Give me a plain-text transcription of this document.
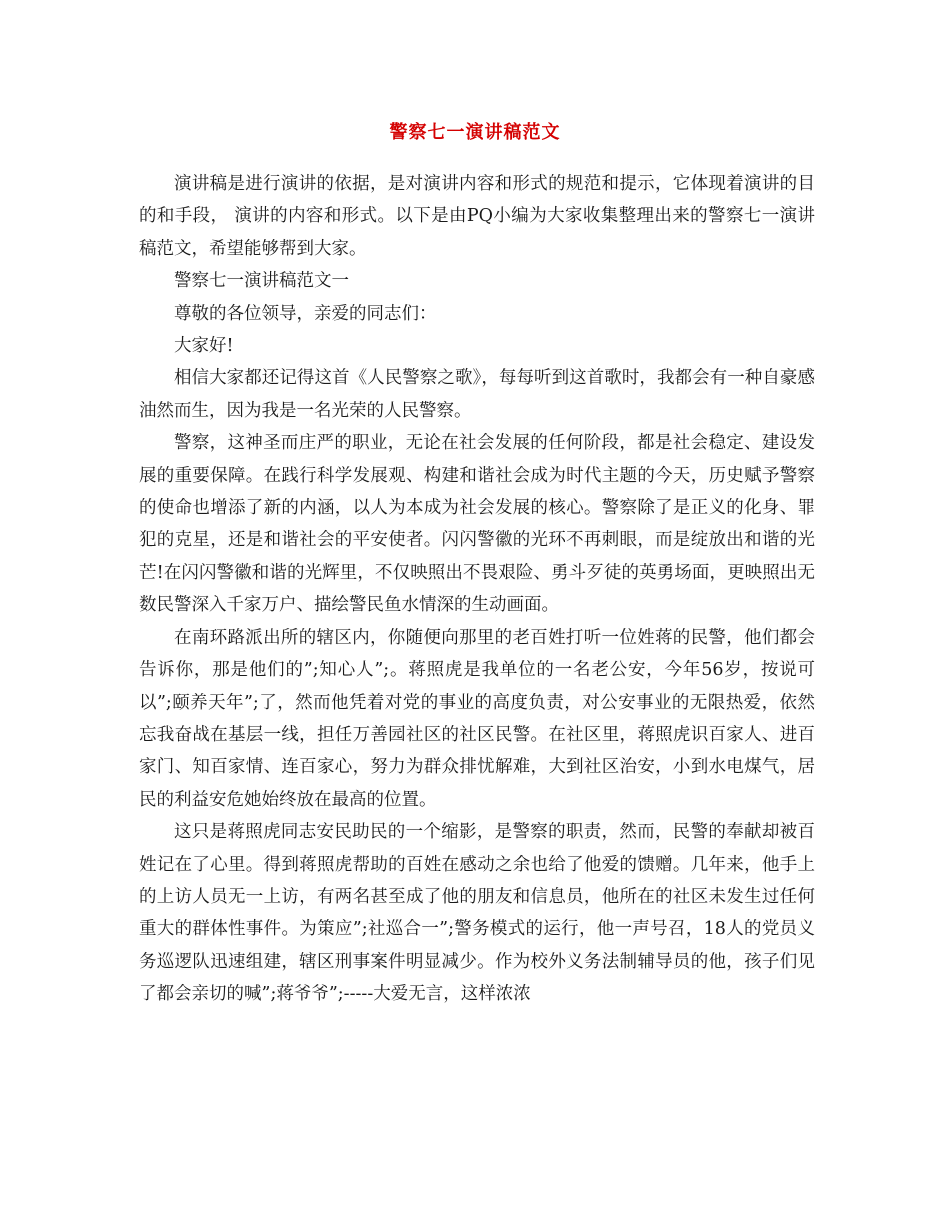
警察七一演讲稿范文

演讲稿是进行演讲的依据，是对演讲内容和形式的规范和提示，它体现着演讲的目的和手段， 演讲的内容和形式。以下是由PQ小编为大家收集整理出来的警察七一演讲稿范文，希望能够帮到大家。

警察七一演讲稿范文一

尊敬的各位领导，亲爱的同志们：

大家好!

相信大家都还记得这首《人民警察之歌》，每每听到这首歌时，我都会有一种自豪感油然而生，因为我是一名光荣的人民警察。

警察，这神圣而庄严的职业，无论在社会发展的任何阶段，都是社会稳定、建设发展的重要保障。在践行科学发展观、构建和谐社会成为时代主题的今天，历史赋予警察的使命也增添了新的内涵，以人为本成为社会发展的核心。警察除了是正义的化身、罪犯的克星，还是和谐社会的平安使者。闪闪警徽的光环不再刺眼，而是绽放出和谐的光芒!在闪闪警徽和谐的光辉里，不仅映照出不畏艰险、勇斗歹徒的英勇场面，更映照出无数民警深入千家万户、描绘警民鱼水情深的生动画面。

在南环路派出所的辖区内，你随便向那里的老百姓打听一位姓蒋的民警，他们都会告诉你，那是他们的”;知心人”;。蒋照虎是我单位的一名老公安，今年56岁，按说可以”;颐养天年”;了，然而他凭着对党的事业的高度负责，对公安事业的无限热爱，依然忘我奋战在基层一线，担任万善园社区的社区民警。在社区里，蒋照虎识百家人、进百家门、知百家情、连百家心，努力为群众排忧解难，大到社区治安，小到水电煤气，居民的利益安危她始终放在最高的位置。

这只是蒋照虎同志安民助民的一个缩影，是警察的职责，然而，民警的奉献却被百姓记在了心里。得到蒋照虎帮助的百姓在感动之余也给了他爱的馈赠。几年来，他手上的上访人员无一上访，有两名甚至成了他的朋友和信息员，他所在的社区未发生过任何重大的群体性事件。为策应”;社巡合一”;警务模式的运行，他一声号召，18人的党员义务巡逻队迅速组建，辖区刑事案件明显减少。作为校外义务法制辅导员的他，孩子们见了都会亲切的喊”;蒋爷爷”;-----大爱无言，这样浓浓
